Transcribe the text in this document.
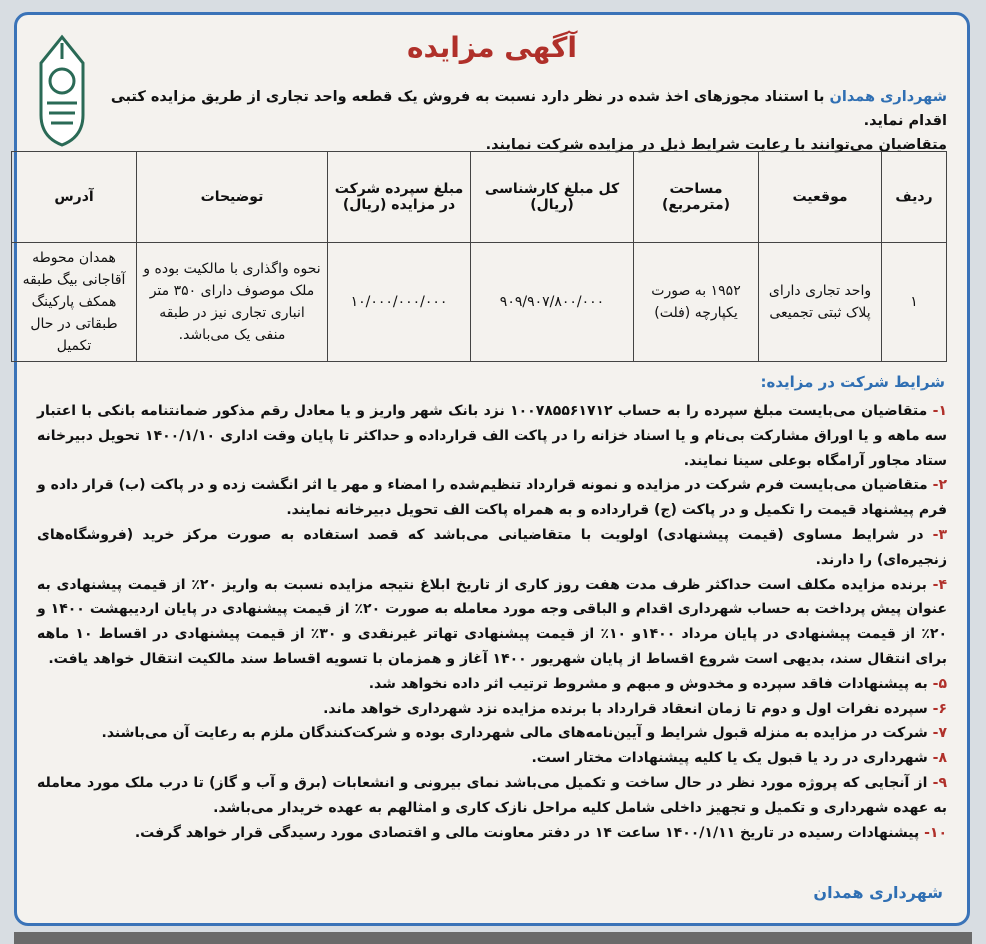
آگهی مزایده
شهرداری همدان با استناد مجوزهای اخذ شده در نظر دارد نسبت به فروش یک قطعه واحد تجاری از طریق مزایده کتبی اقدام نماید.
متقاضیان می‌توانند با رعایت شرایط ذیل در مزایده شرکت نمایند.
ردیف	موقعیت	مساحت (مترمربع)	کل مبلغ کارشناسی (ریال)	مبلغ سپرده شرکت در مزایده (ریال)	توضیحات	آدرس
۱	واحد تجاری دارای پلاک ثبتی تجمیعی	۱۹۵۲ به صورت یکپارچه (فلت)	۹۰۹/۹۰۷/۸۰۰/۰۰۰	۱۰/۰۰۰/۰۰۰/۰۰۰	نحوه واگذاری با مالکیت بوده و ملک موصوف دارای ۳۵۰ متر انباری تجاری نیز در طبقه منفی یک می‌باشد.	همدان محوطه آقاجانی بیگ طبقه همکف پارکینگ طبقاتی در حال تکمیل
شرایط شرکت در مزایده:

۱- متقاضیان می‌بایست مبلغ سپرده را به حساب ۱۰۰۷۸۵۵۶۱۷۱۲ نزد بانک شهر واریز و یا معادل رقم مذکور ضمانتنامه بانکی با اعتبار سه ماهه و یا اوراق مشارکت بی‌نام و یا اسناد خزانه را در پاکت الف قرارداده و حداکثر تا پایان وقت اداری ۱۴۰۰/۱/۱۰ تحویل دبیرخانه ستاد مجاور آرامگاه بوعلی سینا نمایند.

۲- متقاضیان می‌بایست فرم شرکت در مزایده و نمونه قرارداد تنظیم‌شده را امضاء و مهر یا اثر انگشت زده و در پاکت (ب) قرار داده و فرم پیشنهاد قیمت را تکمیل و در پاکت (ج) قرارداده و به همراه پاکت الف تحویل دبیرخانه نمایند.

۳- در شرایط مساوی (قیمت پیشنهادی) اولویت با متقاضیانی می‌باشد که قصد استفاده به صورت مرکز خرید (فروشگاه‌های زنجیره‌ای) را دارند.

۴- برنده مزایده مکلف است حداکثر ظرف مدت هفت روز کاری از تاریخ ابلاغ نتیجه مزایده نسبت به واریز ۲۰٪ از قیمت پیشنهادی به عنوان پیش پرداخت به حساب شهرداری اقدام و الباقی وجه مورد معامله به صورت ۲۰٪ از قیمت پیشنهادی در پایان اردیبهشت ۱۴۰۰ و ۲۰٪ از قیمت پیشنهادی در پایان مرداد ۱۴۰۰و ۱۰٪ از قیمت پیشنهادی تهاتر غیرنقدی و ۳۰٪ از قیمت پیشنهادی در اقساط ۱۰ ماهه برای انتقال سند، بدیهی است شروع اقساط از پایان شهریور ۱۴۰۰ آغاز و همزمان با تسویه اقساط سند مالکیت انتقال خواهد یافت.

۵- به پیشنهادات فاقد سپرده و مخدوش و مبهم و مشروط ترتیب اثر داده نخواهد شد.

۶- سپرده نفرات اول و دوم تا زمان انعقاد قرارداد با برنده مزایده نزد شهرداری خواهد ماند.

۷- شرکت در مزایده به منزله قبول شرایط و آیین‌نامه‌های مالی شهرداری بوده و شرکت‌کنندگان ملزم به رعایت آن می‌باشند.

۸- شهرداری در رد یا قبول یک یا کلیه پیشنهادات مختار است.

۹- از آنجایی که پروژه مورد نظر در حال ساخت و تکمیل می‌باشد نمای بیرونی و انشعابات (برق و آب و گاز) تا درب ملک مورد معامله به عهده شهرداری و تکمیل و تجهیز داخلی شامل کلیه مراحل نازک کاری و امثالهم به عهده خریدار می‌باشد.

۱۰- پیشنهادات رسیده در تاریخ ۱۴۰۰/۱/۱۱ ساعت ۱۴ در دفتر معاونت مالی و اقتصادی مورد رسیدگی قرار خواهد گرفت.

شهرداری همدان
